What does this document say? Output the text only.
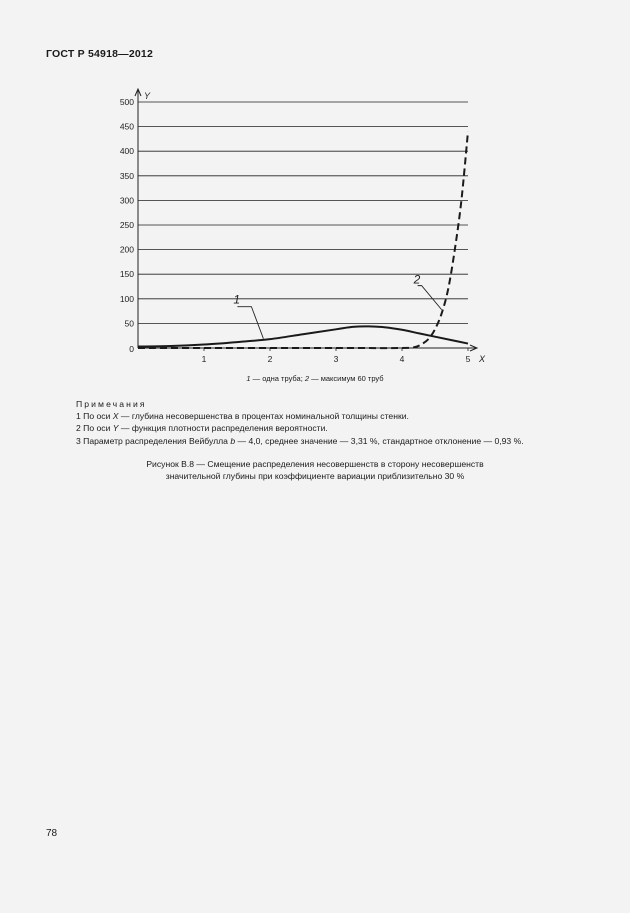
ГОСТ Р 54918—2012
50
100
150
200
250
300
350
400
450
500
0
1	2	3	4	5
Y
X
1
2
1 — одна труба; 2 — максимум 60 труб
Примечания
1 По оси X — глубина несовершенства в процентах номинальной толщины стенки.
2 По оси Y — функция плотности распределения вероятности.
3 Параметр распределения Вейбулла b — 4,0, среднее значение — 3,31 %, стандартное отклонение — 0,93 %.
Рисунок В.8 — Смещение распределения несовершенств в сторону несовершенств
значительной глубины при коэффициенте вариации приблизительно 30 %
78
